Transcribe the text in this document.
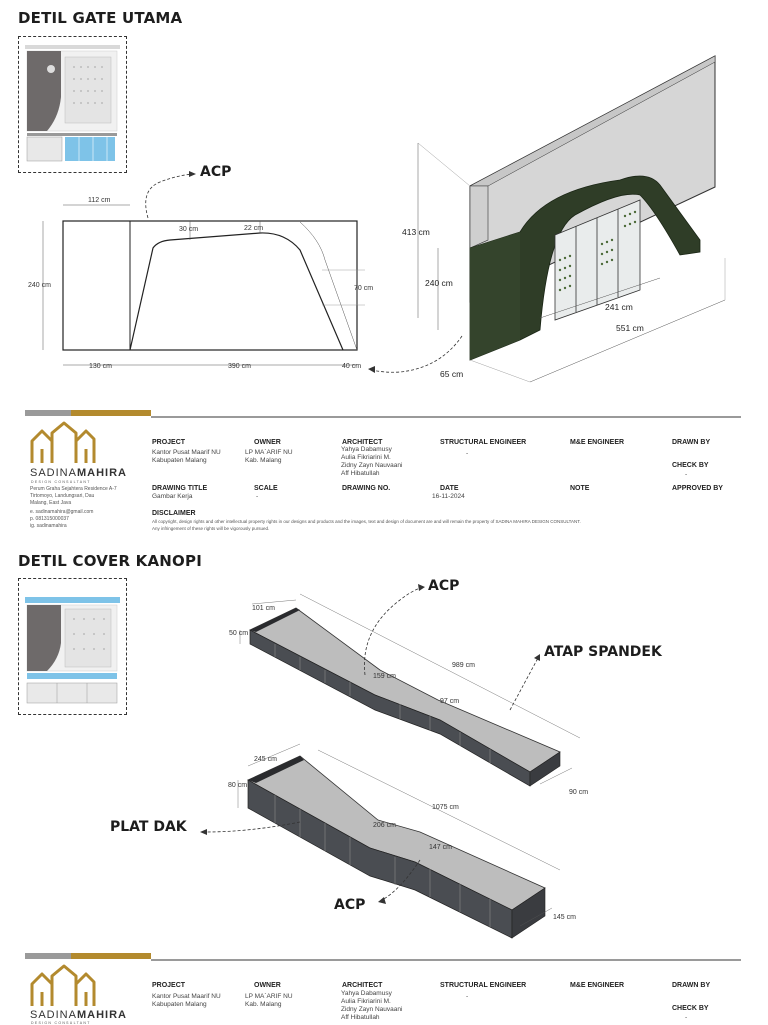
DETIL GATE UTAMA
ACP
112 cm
240 cm
130 cm	390 cm	40 cm
30 cm	22 cm
70 cm
413 cm
240 cm
241 cm
551 cm
65 cm
SADINAMAHIRA
DESIGN CONSULTANT
Perum Graha Sejahtera Residence A-7
Tirtomoyo, Landungsari, Dau
Malang, East Java
e. sadinamahira@gmail.com
p. 081315000037
ig. sadinamahira
PROJECT
Kantor Pusat Maarif NU
Kabupaten Malang
OWNER
LP MA`ARIF NU
Kab. Malang
ARCHITECT
Yahya Dabamusy
Aulia Fikriarini M.
Zidny Zayn Nauvaani
Aff Hibatullah
STRUCTURAL ENGINEER
-
M&E ENGINEER	DRAWN BY
CHECK BY
-
DRAWING TITLE
Gambar Kerja
SCALE
-
DRAWING NO.	DATE
16-11-2024
NOTE	APPROVED BY
DISCLAIMER
All copyright, design rights and other intellectual property rights in our designs and products and the images, text and design of document are and will remain the property of SADINA MAHIRA DESIGN CONSULTANT.
Any infringement of these rights will be vigorously pursued.
DETIL COVER KANOPI
ACP
ATAP SPANDEK
PLAT DAK
ACP
101 cm
50 cm
989 cm
159 cm
97 cm
90 cm
245 cm
80 cm
1075 cm
206 cm
147 cm
145 cm
SADINAMAHIRA
DESIGN CONSULTANT
PROJECT
Kantor Pusat Maarif NU
Kabupaten Malang
OWNER
LP MA`ARIF NU
Kab. Malang
ARCHITECT
Yahya Dabamusy
Aulia Fikriarini M.
Zidny Zayn Nauvaani
Aff Hibatullah
STRUCTURAL ENGINEER
-
M&E ENGINEER	DRAWN BY
CHECK BY
-
